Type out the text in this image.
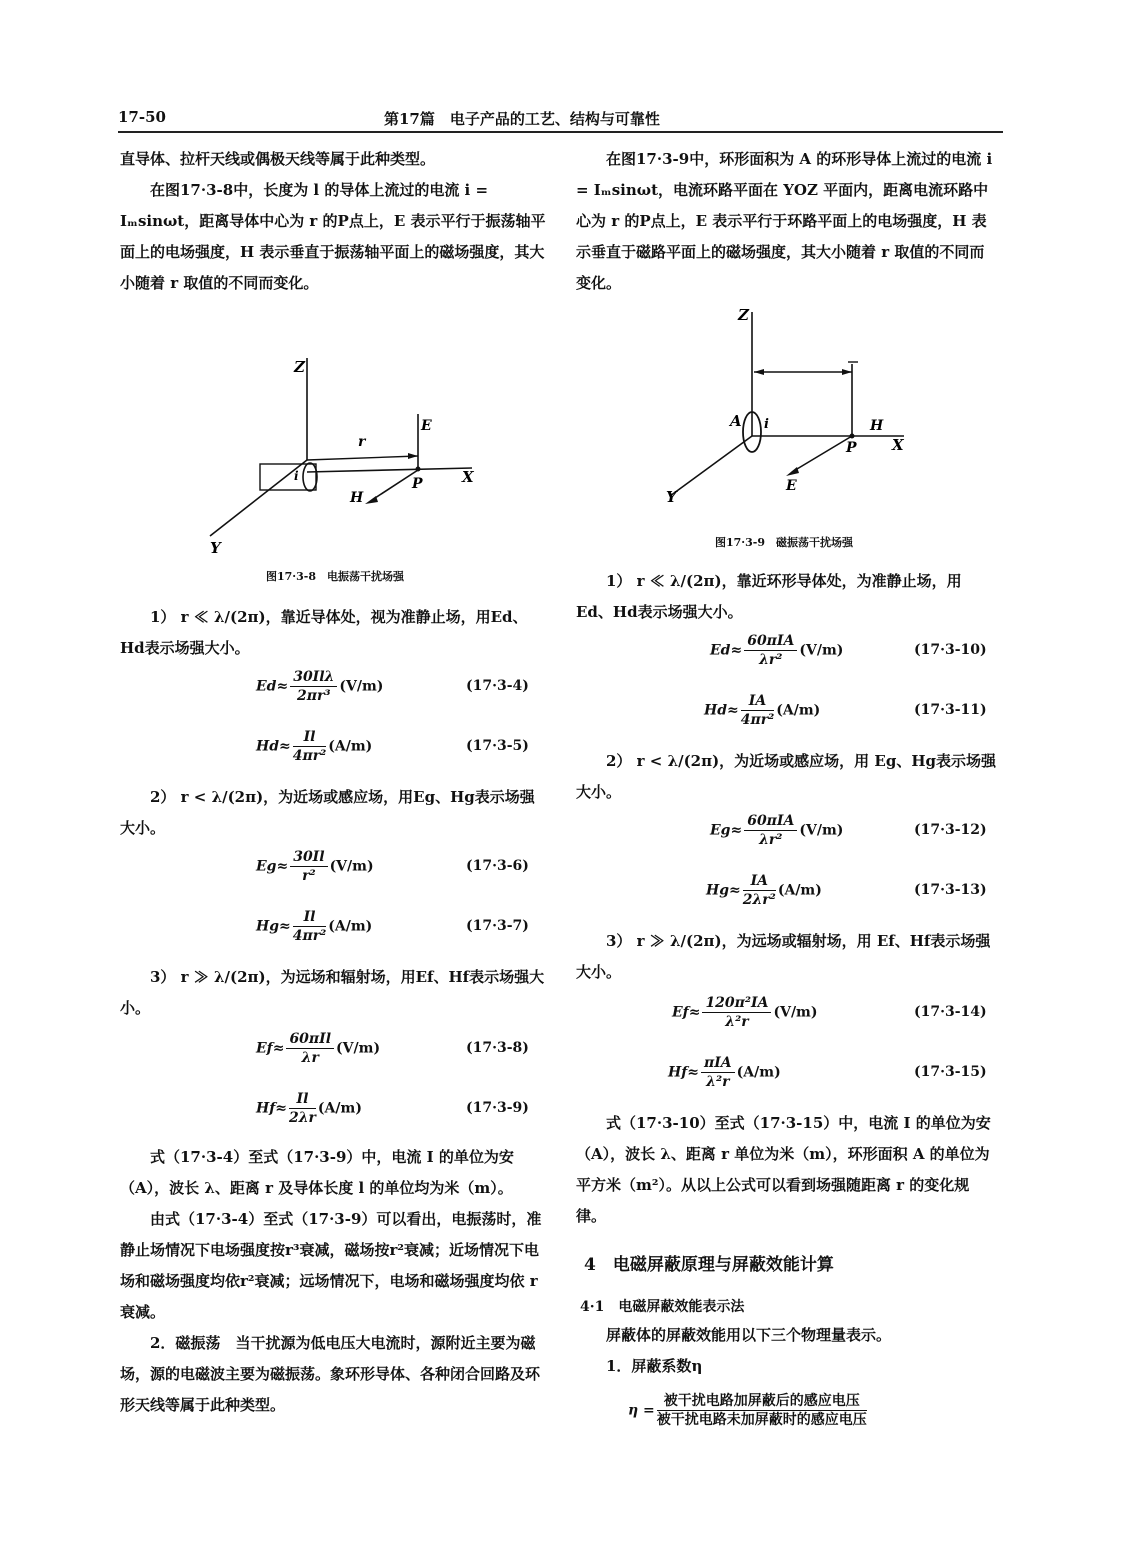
17-50	第17篇　电子产品的工艺、结构与可靠性

直导体、拉杆天线或偶极天线等属于此种类型。

在图17·3-8中，长度为 l 的导体上流过的电流 i = Iₘsinωt，距离导体中心为 r 的P点上，E 表示平行于振荡轴平面上的电场强度，H 表示垂直于振荡轴平面上的磁场强度，其大小随着 r 取值的不同而变化。

Z
X
Y
r
P
E
H
i
图17·3-8　电振荡干扰场强

1） r ≪ λ/(2π)，靠近导体处，视为准静止场，用Ed、Hd表示场强大小。

$Ed\approx \frac{\text{30Ilλ}}{\text{2πr³}} (V/m)$	(17·3-4)
$Hd\approx \frac{Il}{\text{4πr²}} (A/m)$	(17·3-5)

2） r < λ/(2π)，为近场或感应场，用Eg、Hg表示场强大小。

$Eg\approx \frac{30Il}{\text{r²}} (V/m)$	(17·3-6)
$Hg\approx \frac{Il}{\text{4πr²}} (A/m)$	(17·3-7)

3） r ≫ λ/(2π)，为远场和辐射场，用Ef、Hf表示场强大小。

$Ef\approx \frac{\text{60πIl}}{\lambda r} (V/m)$	(17·3-8)
$Hf\approx \frac{Il}{2\lambda r} (A/m)$	(17·3-9)

式（17·3-4）至式（17·3-9）中，电流 I 的单位为安（A），波长 λ、距离 r 及导体长度 l 的单位均为米（m）。

由式（17·3-4）至式（17·3-9）可以看出，电振荡时，准静止场情况下电场强度按r³衰减，磁场按r²衰减；近场情况下电场和磁场强度均依r²衰减；远场情况下，电场和磁场强度均依 r 衰减。

2．磁振荡　当干扰源为低电压大电流时，源附近主要为磁场，源的电磁波主要为磁振荡。象环形导体、各种闭合回路及环形天线等属于此种类型。

在图17·3-9中，环形面积为 A 的环形导体上流过的电流 i = Iₘsinωt，电流环路平面在 YOZ 平面内，距离电流环路中心为 r 的P点上，E 表示平行于环路平面上的电场强度，H 表示垂直于磁路平面上的磁场强度，其大小随着 r 取值的不同而变化。

Z
X
Y
A i
P
H
E
图17·3-9　磁振荡干扰场强

1） r ≪ λ/(2π)，靠近环形导体处，为准静止场，用Ed、Hd表示场强大小。

$Ed\approx \frac{\text{60πIA}}{\text{λr²}} (V/m)$	(17·3-10)
$Hd\approx \frac{IA}{\text{4πr²}} (A/m)$	(17·3-11)

2） r < λ/(2π)，为近场或感应场，用 Eg、Hg表示场强大小。

$Eg\approx \frac{\text{60πIA}}{\text{λr²}} (V/m)$	(17·3-12)
$Hg\approx \frac{IA}{\text{2λr²}} (A/m)$	(17·3-13)

3） r ≫ λ/(2π)，为远场或辐射场，用 Ef、Hf表示场强大小。

$Ef\approx \frac{\text{120π²IA}}{\text{λ²r}} (V/m)$	(17·3-14)
$Hf\approx \frac{\text{πIA}}{\text{λ²r}} (A/m)$	(17·3-15)

式（17·3-10）至式（17·3-15）中，电流 I 的单位为安（A），波长 λ、距离 r 单位为米（m），环形面积 A 的单位为平方米（m²）。从以上公式可以看到场强随距离 r 的变化规律。

4　电磁屏蔽原理与屏蔽效能计算
4·1　电磁屏蔽效能表示法

屏蔽体的屏蔽效能用以下三个物理量表示。

1．屏蔽系数η

$\eta = \frac{\text{被干扰电路加屏蔽后的感应电压}}{\text{被干扰电路未加屏蔽时的感应电压}}$
